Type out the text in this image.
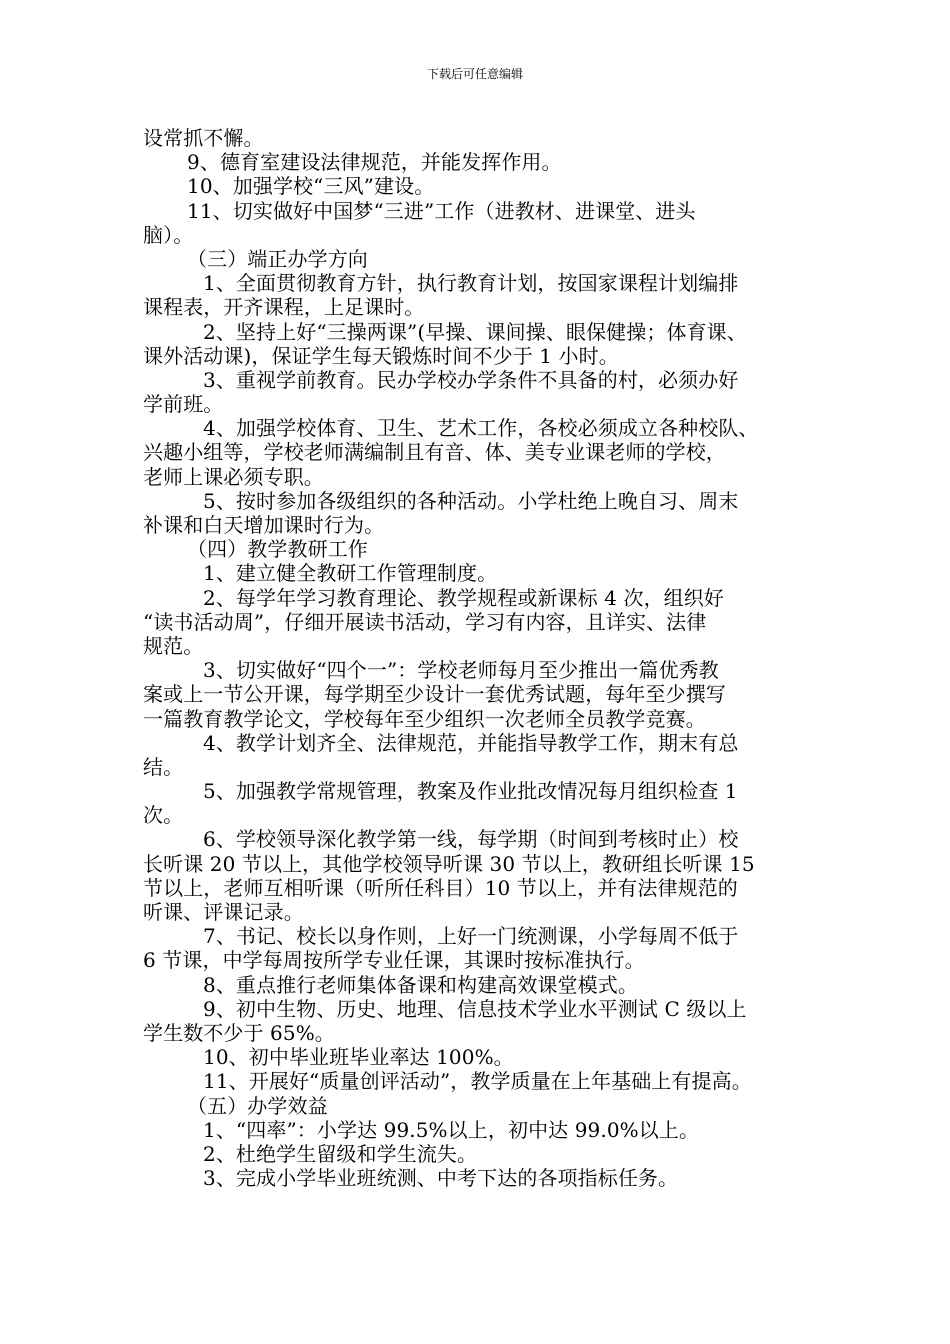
下载后可任意编辑
设常抓不懈。
9、德育室建设法律规范，并能发挥作用。
10、加强学校“三风”建设。
11、切实做好中国梦“三进”工作（进教材、进课堂、进头
脑）。
（三）端正办学方向
1、全面贯彻教育方针，执行教育计划，按国家课程计划编排
课程表，开齐课程，上足课时。
2、坚持上好“三操两课”(早操、课间操、眼保健操；体育课、
课外活动课)，保证学生每天锻炼时间不少于 1 小时。
3、重视学前教育。民办学校办学条件不具备的村，必须办好
学前班。
4、加强学校体育、卫生、艺术工作，各校必须成立各种校队、
兴趣小组等，学校老师满编制且有音、体、美专业课老师的学校，
老师上课必须专职。
5、按时参加各级组织的各种活动。小学杜绝上晚自习、周末
补课和白天增加课时行为。
（四）教学教研工作
1、建立健全教研工作管理制度。
2、每学年学习教育理论、教学规程或新课标 4 次，组织好
“读书活动周”，仔细开展读书活动，学习有内容，且详实、法律
规范。
3、切实做好“四个一”：学校老师每月至少推出一篇优秀教
案或上一节公开课，每学期至少设计一套优秀试题，每年至少撰写
一篇教育教学论文，学校每年至少组织一次老师全员教学竞赛。
4、教学计划齐全、法律规范，并能指导教学工作，期末有总
结。
5、加强教学常规管理，教案及作业批改情况每月组织检查 1
次。
6、学校领导深化教学第一线，每学期（时间到考核时止）校
长听课 20 节以上，其他学校领导听课 30 节以上，教研组长听课 15
节以上，老师互相听课（听所任科目）10 节以上，并有法律规范的
听课、评课记录。
7、书记、校长以身作则，上好一门统测课，小学每周不低于
6 节课，中学每周按所学专业任课，其课时按标准执行。
8、重点推行老师集体备课和构建高效课堂模式。
9、初中生物、历史、地理、信息技术学业水平测试 C 级以上
学生数不少于 65%。
10、初中毕业班毕业率达 100%。
11、开展好“质量创评活动”，教学质量在上年基础上有提高。
（五）办学效益
1、“四率”：小学达 99.5%以上，初中达 99.0%以上。
2、杜绝学生留级和学生流失。
3、完成小学毕业班统测、中考下达的各项指标任务。
